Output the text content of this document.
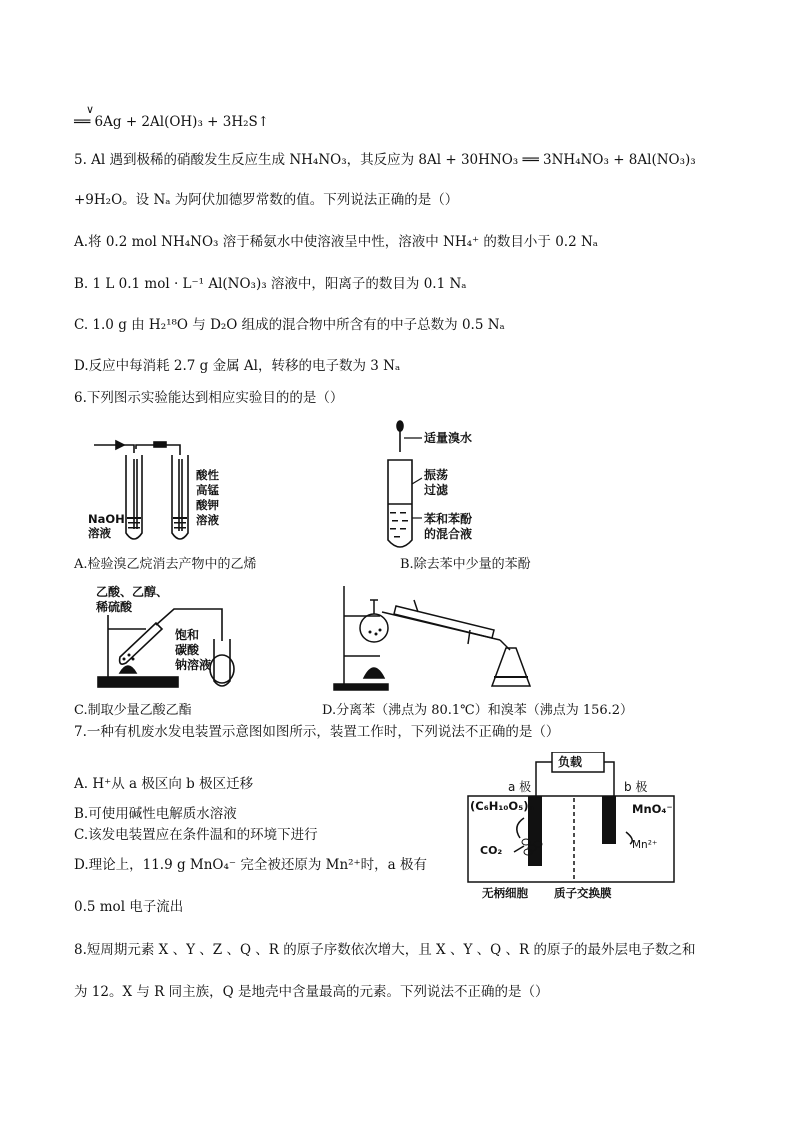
∨
══ 6Ag + 2Al(OH)₃ + 3H₂S↑
5. Al 遇到极稀的硝酸发生反应生成 NH₄NO₃，其反应为 8Al + 30HNO₃ ══ 3NH₄NO₃ + 8Al(NO₃)₃
+9H₂O。设 Nₐ 为阿伏加德罗常数的值。下列说法正确的是（）
A.将 0.2 mol NH₄NO₃ 溶于稀氨水中使溶液呈中性，溶液中 NH₄⁺ 的数目小于 0.2 Nₐ
B. 1 L 0.1 mol · L⁻¹ Al(NO₃)₃ 溶液中，阳离子的数目为 0.1 Nₐ
C. 1.0 g 由 H₂¹⁸O 与 D₂O 组成的混合物中所含有的中子总数为 0.5 Nₐ
D.反应中每消耗 2.7 g 金属 Al，转移的电子数为 3 Nₐ
6.下列图示实验能达到相应实验目的的是（）
NaOH
溶液
酸性
高锰
酸钾
溶液
A.检验溴乙烷消去产物中的乙烯
适量溴水
振荡
过滤
苯和苯酚
的混合液
B.除去苯中少量的苯酚
乙酸、乙醇、
稀硫酸
饱和
碳酸
钠溶液
C.制取少量乙酸乙酯	D.分离苯（沸点为 80.1℃）和溴苯（沸点为 156.2）
7.一种有机废水发电装置示意图如图所示，装置工作时，下列说法不正确的是（）
A. H⁺从 a 极区向 b 极区迁移
B.可使用碱性电解质水溶液
C.该发电装置应在条件温和的环境下进行
D.理论上，11.9 g MnO₄⁻ 完全被还原为 Mn²⁺时，a 极有
0.5 mol 电子流出
负载
a 极	b 极
(C₆H₁₀O₅)ₙ
CO₂
MnO₄⁻
Mn²⁺
无柄细胞 质子交换膜
8.短周期元素 X 、Y 、Z 、Q 、R 的原子序数依次增大，且 X 、Y 、Q 、R 的原子的最外层电子数之和
为 12。X 与 R 同主族，Q 是地壳中含量最高的元素。下列说法不正确的是（）
